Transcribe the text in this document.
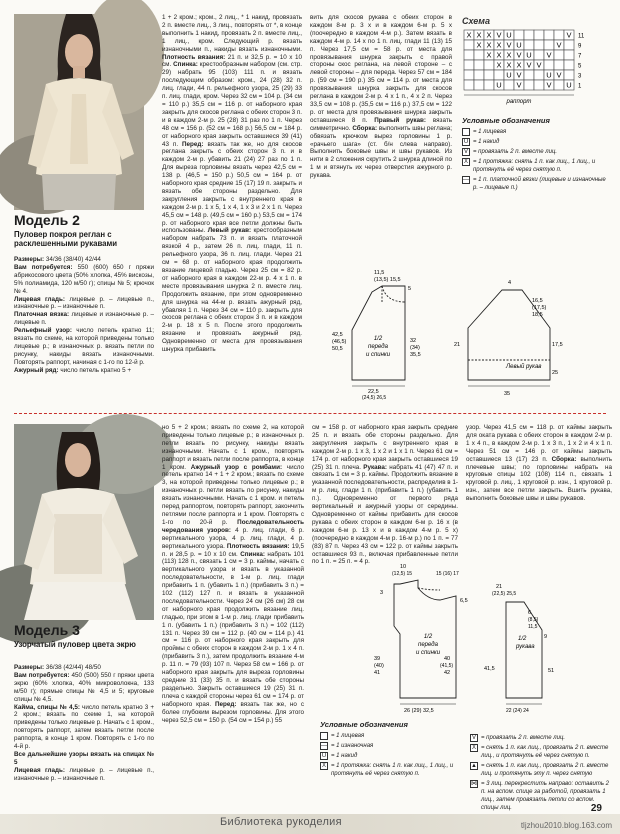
Модель 2
Пуловер покроя реглан с расклешенными рукавами

Размеры: 34/36 (38/40) 42/44

Вам потребуется: 550 (600) 650 г пряжи абрикосового цвета (50% хлопка, 45% вискозы, 5% полиамида, 120 м/50 г); спицы № 5; крючок № 4.

Лицевая гладь: лицевые р. – лицевые п., изнаночные р. – изнаночные п.

Платочная вязка: лицевые и изнаночные р. – лицевые п.

Рельефный узор: число петель кратно 11; вязать по схеме, на которой приведены только лицевые р.; в изнаночных р. вязать петли по рисунку, накиды вязать изнаночными. Повторять раппорт, начиная с 1-го по 12-й р.

Ажурный ряд: число петель кратно 5 +

1 + 2 кром.; кром., 2 лиц., * 1 накид, провязать 2 п. вместе лиц., 3 лиц., повторять от *, в конце выполнить 1 накид, провязать 2 п. вместе лиц., 1 лиц., кром. Следующий р. вязать изнаночными п., накиды вязать изнаночными. Плотность вязания: 21 п. и 32,5 р. = 10 х 10 см. Спинка: крестообразным набором (см. стр. 29) набрать 95 (103) 111 п. и вязать последующим образом: кром., 24 (28) 32 п. лиц. глади, 44 п. рельефного узора, 25 (29) 33 п. лиц. глади, кром. Через 32 см = 104 р. (34 см = 110 р.) 35,5 см = 116 р. от наборного края закрыть для скосов реглана с обеих сторон 3 п. и в каждом 2-м р. 25 (28) 31 раз по 1 п. Через 48 см = 156 р. (52 см = 168 р.) 56,5 см = 184 р. от наборного края закрыть оставшиеся 39 (41) 43 п. Перед: вязать так же, но для скосов реглана закрыть с обеих сторон 3 п. и в каждом 2-м р. убавить 21 (24) 27 раз по 1 п. Для выреза горловины вязать через 42,5 см = 138 р. (46,5 = 150 р.) 50,5 см = 164 р. от наборного края средние 15 (17) 19 п. закрыть и вязать обе стороны раздельно. Для закругления закрыть с внутреннего края в каждом 2-м р. 1 х 5, 1 х 4, 1 х 3 и 2 х 1 п. Через 45,5 см = 148 р. (49,5 см = 160 р.) 53,5 см = 174 р. от наборного края все петли должны быть использованы. Левый рукав: крестообразным набором набрать 73 п. и вязать платочной вязкой 4 р., затем 26 п. лиц. глади, 11 п. рельефного узора, 36 п. лиц. глади. Через 21 см = 68 р. от наборного края продолжить вязание лицевой гладью. Через 25 см = 82 р. от наборного края в каждом 22-м р. 4 х 1 п. в месте провязывания шнурка 2 п. вместе лиц. Продолжить вязание, при этом одновременно для шнурка на 44-м р. вязать ажурный ряд, убавляя 1 п. Через 34 см = 110 р. закрыть для скосов реглана с обеих сторон 3 п. и в каждом 2-м р. 18 х 5 п. После этого продолжить вязание и провязать ажурный ряд. Одновременно от места для провязывания шнурка прибавить

вить для скосов рукава с обеих сторон в каждом 8-м р. 3 х и в каждом 6-м р. 5 х (поочередно в каждом 4-м р.). Затем вязать в каждом 4-м р. 14 х по 1 п. лиц. глади 11 (13) 15 п. Через 17,5 см = 58 р. от места для провязывания шнурка закрыть с правой стороны скос реглана, на левой стороне – с левой стороны – для переда. Через 57 см = 184 р. (59 см = 190 р.) 35 см = 114 р. от места для провязывания шнурка закрыть для скосов реглана в каждом 2-м р. 4 х 1 п., 4 х 2 п. Через 33,5 см = 108 р. (35,5 см = 116 р.) 37,5 см = 122 р. от места для провязывания шнурка закрыть оставшиеся 8 п. Правый рукав: вязать симметрично. Сборка: выполнить швы реглана; обвязать крючком вырез горловины 1 р. «рачьего шага» (ст. б/н слева направо). Выполнить боковые швы и швы рукавов. Из нити в 2 сложения скрутить 2 шнурка длиной по 1 м и втянуть их через отверстия ажурного р. рукава.

Схема
X X X V U	V 11
X X X V U	V	9
X X X V U V	7
X X X V V	5
U V	U V	3
U V	V U 1
раппорт
Условные обозначения
= 1 лицевая
U = 1 накид
V = провязать 2 п. вместе лиц.
X = 1 протяжка: снять 1 п. как лиц., 1 лиц., и протянуть её через снятую п.
— = 1 п. платочной вязки (лицевые и изнаночные р. – лицевые п.)
1/2
переда
и спинки
11,5
(13,5) 15,5
5
42,5
(46,5)
50,5
32
(34)
35,5
22,5
(24,5) 26,5
Левый рукав
4
16,5
(17,5)
18,5
17,5
21
25
35
Модель 3
Узорчатый пуловер цвета экрю

Размеры: 36/38 (42/44) 48/50

Вам потребуется: 450 (500) 550 г пряжи цвета экрю (60% хлопка, 40% микроволокна, 133 м/50 г); прямые спицы № 4,5 и 5; круговые спицы № 4,5.

Кайма, спицы № 4,5: число петель кратно 3 + 2 кром.; вязать по схеме 1, на которой приведены только лицевые р. Начать с 1 кром., повторять раппорт, затем вязать петли после раппорта, в конце 1 кром. Повторять с 1-го по 4-й р.

Все дальнейшие узоры вязать на спицах № 5

Лицевая гладь: лицевые р. – лицевые п., изнаночные р. – изнаночные п.

но 5 + 2 кром.; вязать по схеме 2, на которой приведены только лицевые р.; в изнаночных р. петли вязать по рисунку, накиды вязать изнаночными. Начать с 1 кром., повторять раппорт и вязать петли после раппорта, в конце 1 кром. Ажурный узор с ромбами: число петель кратно 14 + 1 + 2 кром.; вязать по схеме 3, на которой приведены только лицевые р.; в изнаночных р. петли вязать по рисунку, накиды вязать изнаночными. Начать с 1 кром. и петель перед раппортом, повторять раппорт, закончить петлями после раппорта и 1 кром. Повторять с 1-го по 20-й р. Последовательность чередования узоров: 4 р. лиц. глади, 6 р. вертикального узора, 4 р. лиц. глади, 4 р. вертикального узора. Плотность вязания: 19,5 п. и 28,5 р. = 10 х 10 см. Спинка: набрать 101 (113) 128 п., связать 1 см = 3 р. каймы, начать с вертикального узора и вязать в указанной последовательности, в 1-м р. лиц. глади прибавить 1 п. (убавить 1 п.) (прибавить 3 п.) = 102 (112) 127 п. и вязать в указанной последовательности. Через 24 см (26 см) 28 см от наборного края продолжить вязание лиц. гладью, при этом в 1-м р. лиц. глади прибавить 1 п. (убавить 1 п.) (прибавить 3 п.) = 102 (112) 131 п. Через 39 см = 112 р. (40 см = 114 р.) 41 см = 116 р. от наборного края закрыть для проймы с обеих сторон в каждом 2-м р. 1 х 4 п. (прибавить 3 п.), затем продолжить вязание 4-м р. 11 п. = 79 (93) 107 п. Через 58 см = 166 р. от наборного края закрыть для выреза горловины средние 31 (33) 35 п. и вязать обе стороны раздельно. Закрыть оставшиеся 19 (25) 31 п. плеча с каждой стороны через 61 см = 174 р. от наборного края. Перед: вязать так же, но с более глубоким вырезом горловины. Для этого через 52,5 см = 150 р. (54 см = 154 р.) 55

см = 158 р. от наборного края закрыть средние 25 п. и вязать обе стороны раздельно. Для закругления закрыть с внутреннего края в каждом 2-м р. 1 х 3, 1 х 2 и 1 х 1 п. Через 61 см = 174 р. от наборного края закрыть оставшиеся 19 (25) 31 п. плеча. Рукава: набрать 41 (47) 47 п. и связать 1 см = 3 р. каймы. Продолжить вязание в указанной последовательности, распределив в 1-м р. лиц. глади 1 п. (прибавить 1 п.) (убавить 1 п.). Одновременно от первого ряда вертикальный и ажурный узоры от середины. Одновременно от каймы прибавить для скосов рукава с обеих сторон в каждом 6-м р. 16 х (в каждом 6-м р. 13 х и в каждом 4-м р. 5 х) (поочередно в каждом 4-м р. 16-м р.) по 1 п. = 77 (83) 87 п. Через 43 см = 122 р. от каймы закрыть оставшиеся 93 п., включая прибавленные петли по 1 п. = 25 п. = 4 р.

узор. Через 41,5 см = 118 р. от каймы закрыть для окатa рукава с обеих сторон в каждом 2-м р. 1 х 4 п., в каждом 2-м р. 1 х 3 п., 1 х 2 и 4 х 1 п. Через 51 см = 146 р. от каймы закрыть оставшиеся 13 (17) 23 п. Сборка: выполнить плечевые швы; по горловины набрать на круговые спицы 102 (108) 114 п., связать 1 круговой р. лиц., 1 круговой р. изн., 1 круговой р. изн., затем все петли закрыть. Вшить рукава, выполнить боковые швы и швы рукавов.

1/2
переда
и спинки
10
(12,5) 15	15 (16) 17
6,5
3
39
(40)
41
40
(41,5)
42
26 (29) 32,5
1/2
рукава
21
(22,5) 25,5
6
(8,5)
11,5
9
41,5	51
22 (24) 24
Условные обозначения
= 1 лицевая
— = 1 изнаночная
U = 1 накид
X = 1 протяжка: снять 1 п. как лиц., 1 лиц., и протянуть её через снятую п.
V = провязать 2 п. вместе лиц.
X = снять 1 п. как лиц., провязать 2 п. вместе лиц., и протянуть её через снятую п.
▲ = снять 1 п. как лиц., провязать 2 п. вместе лиц. и протянуть эту п. через снятую
⋈ = 3 лиц. перекрестить направо: оставить 2 п. на вспом. спице за работой, провязать 1 лиц., затем провязать петли со вспом. спицы лиц.
Библиотека рукоделия
29
tljzhou2010.blog.163.com
